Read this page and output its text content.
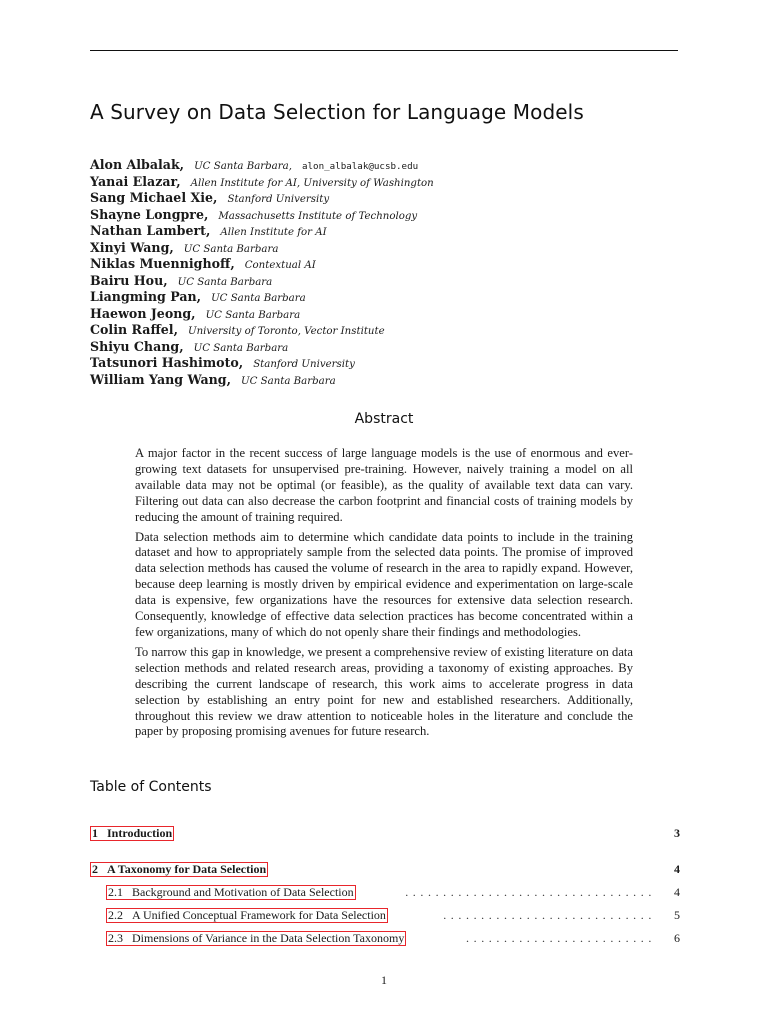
A Survey on Data Selection for Language Models
Alon Albalak, UC Santa Barbara, alon_albalak@ucsb.edu
Yanai Elazar, Allen Institute for AI, University of Washington
Sang Michael Xie, Stanford University
Shayne Longpre, Massachusetts Institute of Technology
Nathan Lambert, Allen Institute for AI
Xinyi Wang, UC Santa Barbara
Niklas Muennighoff, Contextual AI
Bairu Hou, UC Santa Barbara
Liangming Pan, UC Santa Barbara
Haewon Jeong, UC Santa Barbara
Colin Raffel, University of Toronto, Vector Institute
Shiyu Chang, UC Santa Barbara
Tatsunori Hashimoto, Stanford University
William Yang Wang, UC Santa Barbara
Abstract

A major factor in the recent success of large language models is the use of enormous and ever-growing text datasets for unsupervised pre-training. However, naively training a model on all available data may not be optimal (or feasible), as the quality of available text data can vary. Filtering out data can also decrease the carbon footprint and financial costs of training models by reducing the amount of training required.

Data selection methods aim to determine which candidate data points to include in the training dataset and how to appropriately sample from the selected data points. The promise of improved data selection methods has caused the volume of research in the area to rapidly expand. However, because deep learning is mostly driven by empirical evidence and experimentation on large-scale data is expensive, few organizations have the resources for extensive data selection research. Consequently, knowledge of effective data selection practices has become concentrated within a few organizations, many of which do not openly share their findings and methodologies.

To narrow this gap in knowledge, we present a comprehensive review of existing literature on data selection methods and related research areas, providing a taxonomy of existing approaches. By describing the current landscape of research, this work aims to accelerate progress in data selection by establishing an entry point for new and established researchers. Additionally, throughout this review we draw attention to noticeable holes in the literature and conclude the paper by proposing promising avenues for future research.

Table of Contents
1 Introduction	3
2 A Taxonomy for Data Selection	4
2.1 Background and Motivation of Data Selection	................................. 4
2.2 A Unified Conceptual Framework for Data Selection	............................ 5
2.3 Dimensions of Variance in the Data Selection Taxonomy	......................... 6
1
